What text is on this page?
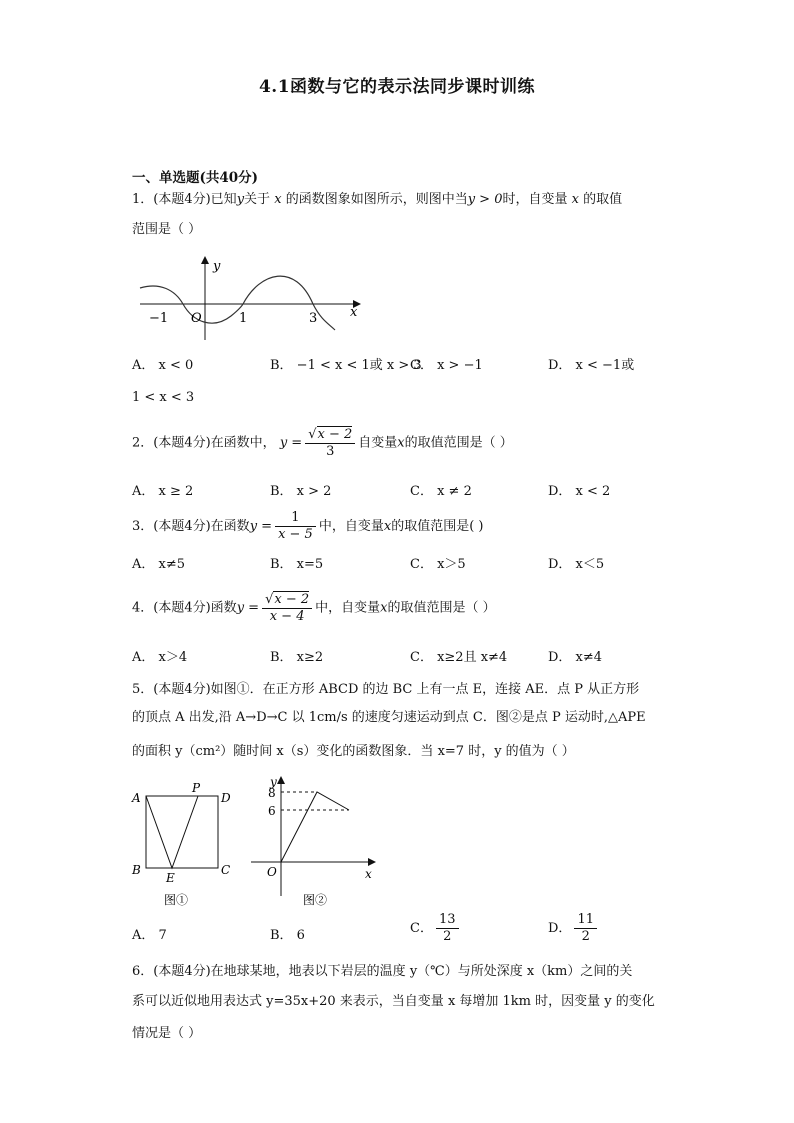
4.1函数与它的表示法同步课时训练
一、单选题(共40分)
1．(本题4分)已知y关于 x 的函数图象如图所示，则图中当y > 0时，自变量 x 的取值
范围是（ ）
y
x
−1 O	1	3
A． x < 0	B． −1 < x < 1或 x > 3
C． x > −1	D． x < −1或
1 < x < 3
2．(本题4分)在函数中， $y = \frac{√x - 2}{3}$ 自变量x的取值范围是（ ）
A． x ≥ 2	B． x > 2	C． x ≠ 2	D． x < 2
3．(本题4分)在函数$y = \frac{1}{x - 5}$ 中，自变量x的取值范围是( )
A． x≠5	B． x=5	C． x＞5	D． x＜5
4．(本题4分)函数$y = \frac{√x - 2}{x - 4}$ 中，自变量x的取值范围是（ ）
A． x＞4	B． x≥2	C． x≥2且 x≠4	D． x≠4
5．(本题4分)如图①．在正方形 ABCD 的边 BC 上有一点 E，连接 AE．点 P 从正方形
的顶点 A 出发,沿 A→D→C 以 1cm/s 的速度匀速运动到点 C．图②是点 P 运动时,△APE
的面积 y（cm²）随时间 x（s）变化的函数图象．当 x=7 时，y 的值为（ ）
A
P
D
B
E
C
图①
y
8
6
O	x
图②
A． 7	B． 6	C． $\frac{13}{2}$	D． $\frac{11}{2}$
6．(本题4分)在地球某地，地表以下岩层的温度 y（℃）与所处深度 x（km）之间的关
系可以近似地用表达式 y=35x+20 来表示，当自变量 x 每增加 1km 时，因变量 y 的变化
情况是（ ）
